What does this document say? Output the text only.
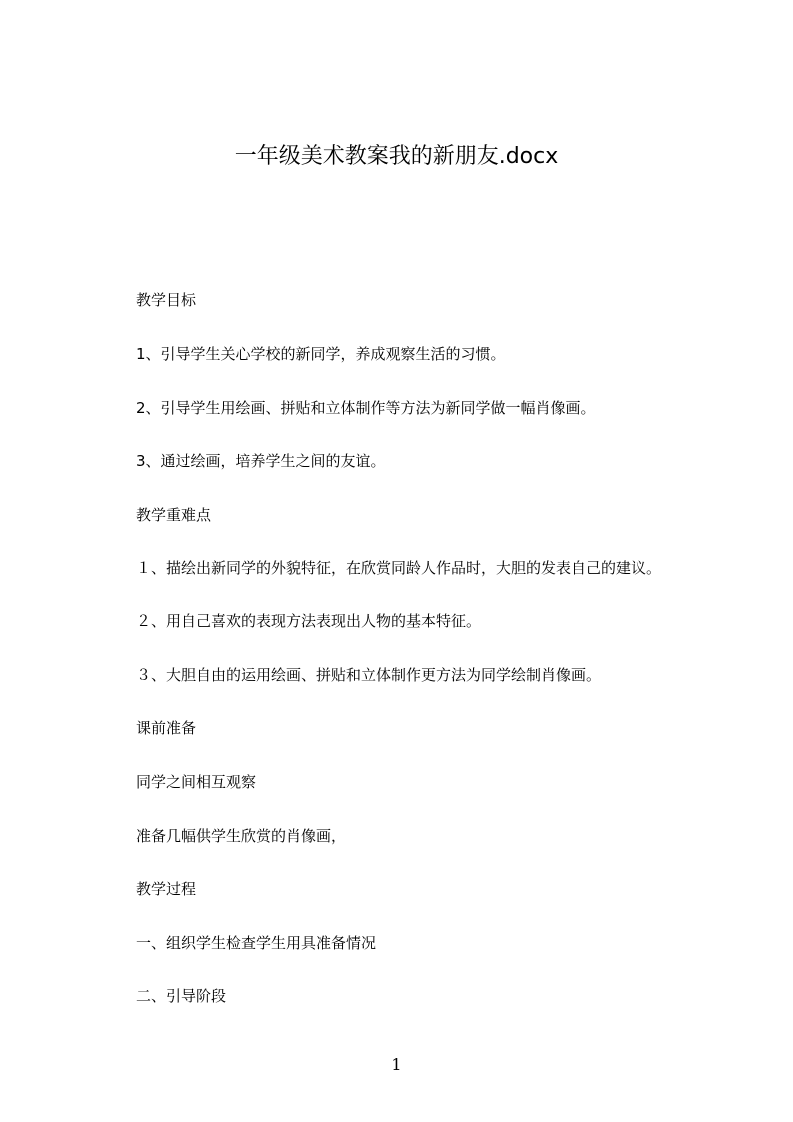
一年级美术教案我的新朋友.docx
教学目标
1、引导学生关心学校的新同学，养成观察生活的习惯。
2、引导学生用绘画、拼贴和立体制作等方法为新同学做一幅肖像画。
3、通过绘画，培养学生之间的友谊。
教学重难点
１、描绘出新同学的外貌特征，在欣赏同龄人作品时，大胆的发表自己的建议。
２、用自己喜欢的表现方法表现出人物的基本特征。
３、大胆自由的运用绘画、拼贴和立体制作更方法为同学绘制肖像画。
课前准备
同学之间相互观察
准备几幅供学生欣赏的肖像画，
教学过程
一、组织学生检查学生用具准备情况
二、引导阶段
1
